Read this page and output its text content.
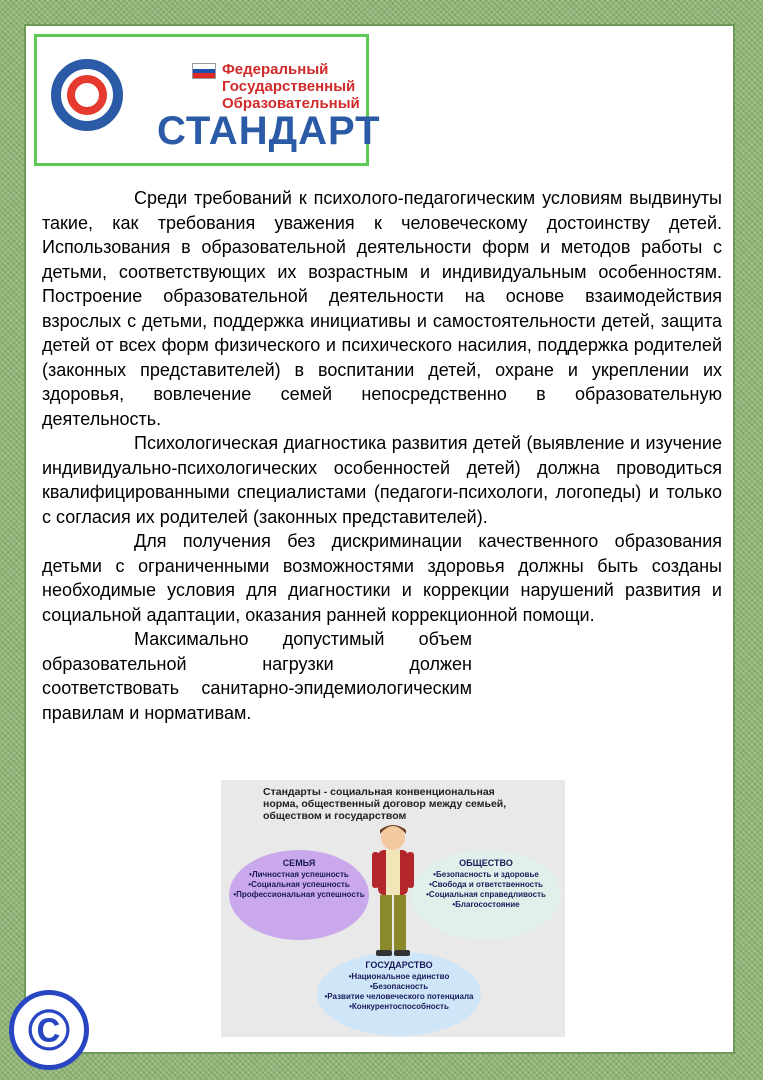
Федеральный
Государственный
Образовательный
СТАНДАРТ

Среди требований к психолого-педагогическим условиям выдвинуты такие, как требования уважения к человеческому достоинству детей. Использования в образовательной деятельности форм и методов работы с детьми, соответствующих их возрастным и индивидуальным особенностям. Построение образовательной деятельности на основе взаимодействия взрослых с детьми, поддержка инициативы и самостоятельности детей, защита детей от всех форм физического и психического насилия, поддержка родителей (законных представителей) в воспитании детей, охране и укреплении их здоровья, вовлечение семей непосредственно в образовательную деятельность.

Психологическая диагностика развития детей (выявление и изучение индивидуально-психологических особенностей детей) должна проводиться квалифицированными специалистами (педагоги-психологи, логопеды) и только с согласия их родителей (законных представителей).

Для получения без дискриминации качественного образования детьми с ограниченными возможностями здоровья должны быть созданы необходимые условия для диагностики и коррекции нарушений развития и социальной адаптации, оказания ранней коррекционной помощи.

Максимально допустимый объем образовательной нагрузки должен соответствовать санитарно-эпидемиологическим правилам и нормативам.

Стандарты - социальная конвенциональная норма, общественный договор между семьей, обществом и государством
СЕМЬЯ
•Личностная успешность
•Социальная успешность
•Профессиональная успешность
ОБЩЕСТВО
•Безопасность и здоровье
•Свобода и ответственность
•Социальная справедливость
•Благосостояние
ГОСУДАРСТВО
•Национальное единство
•Безопасность
•Развитие человеческого потенциала
•Конкурентоспособность
©
